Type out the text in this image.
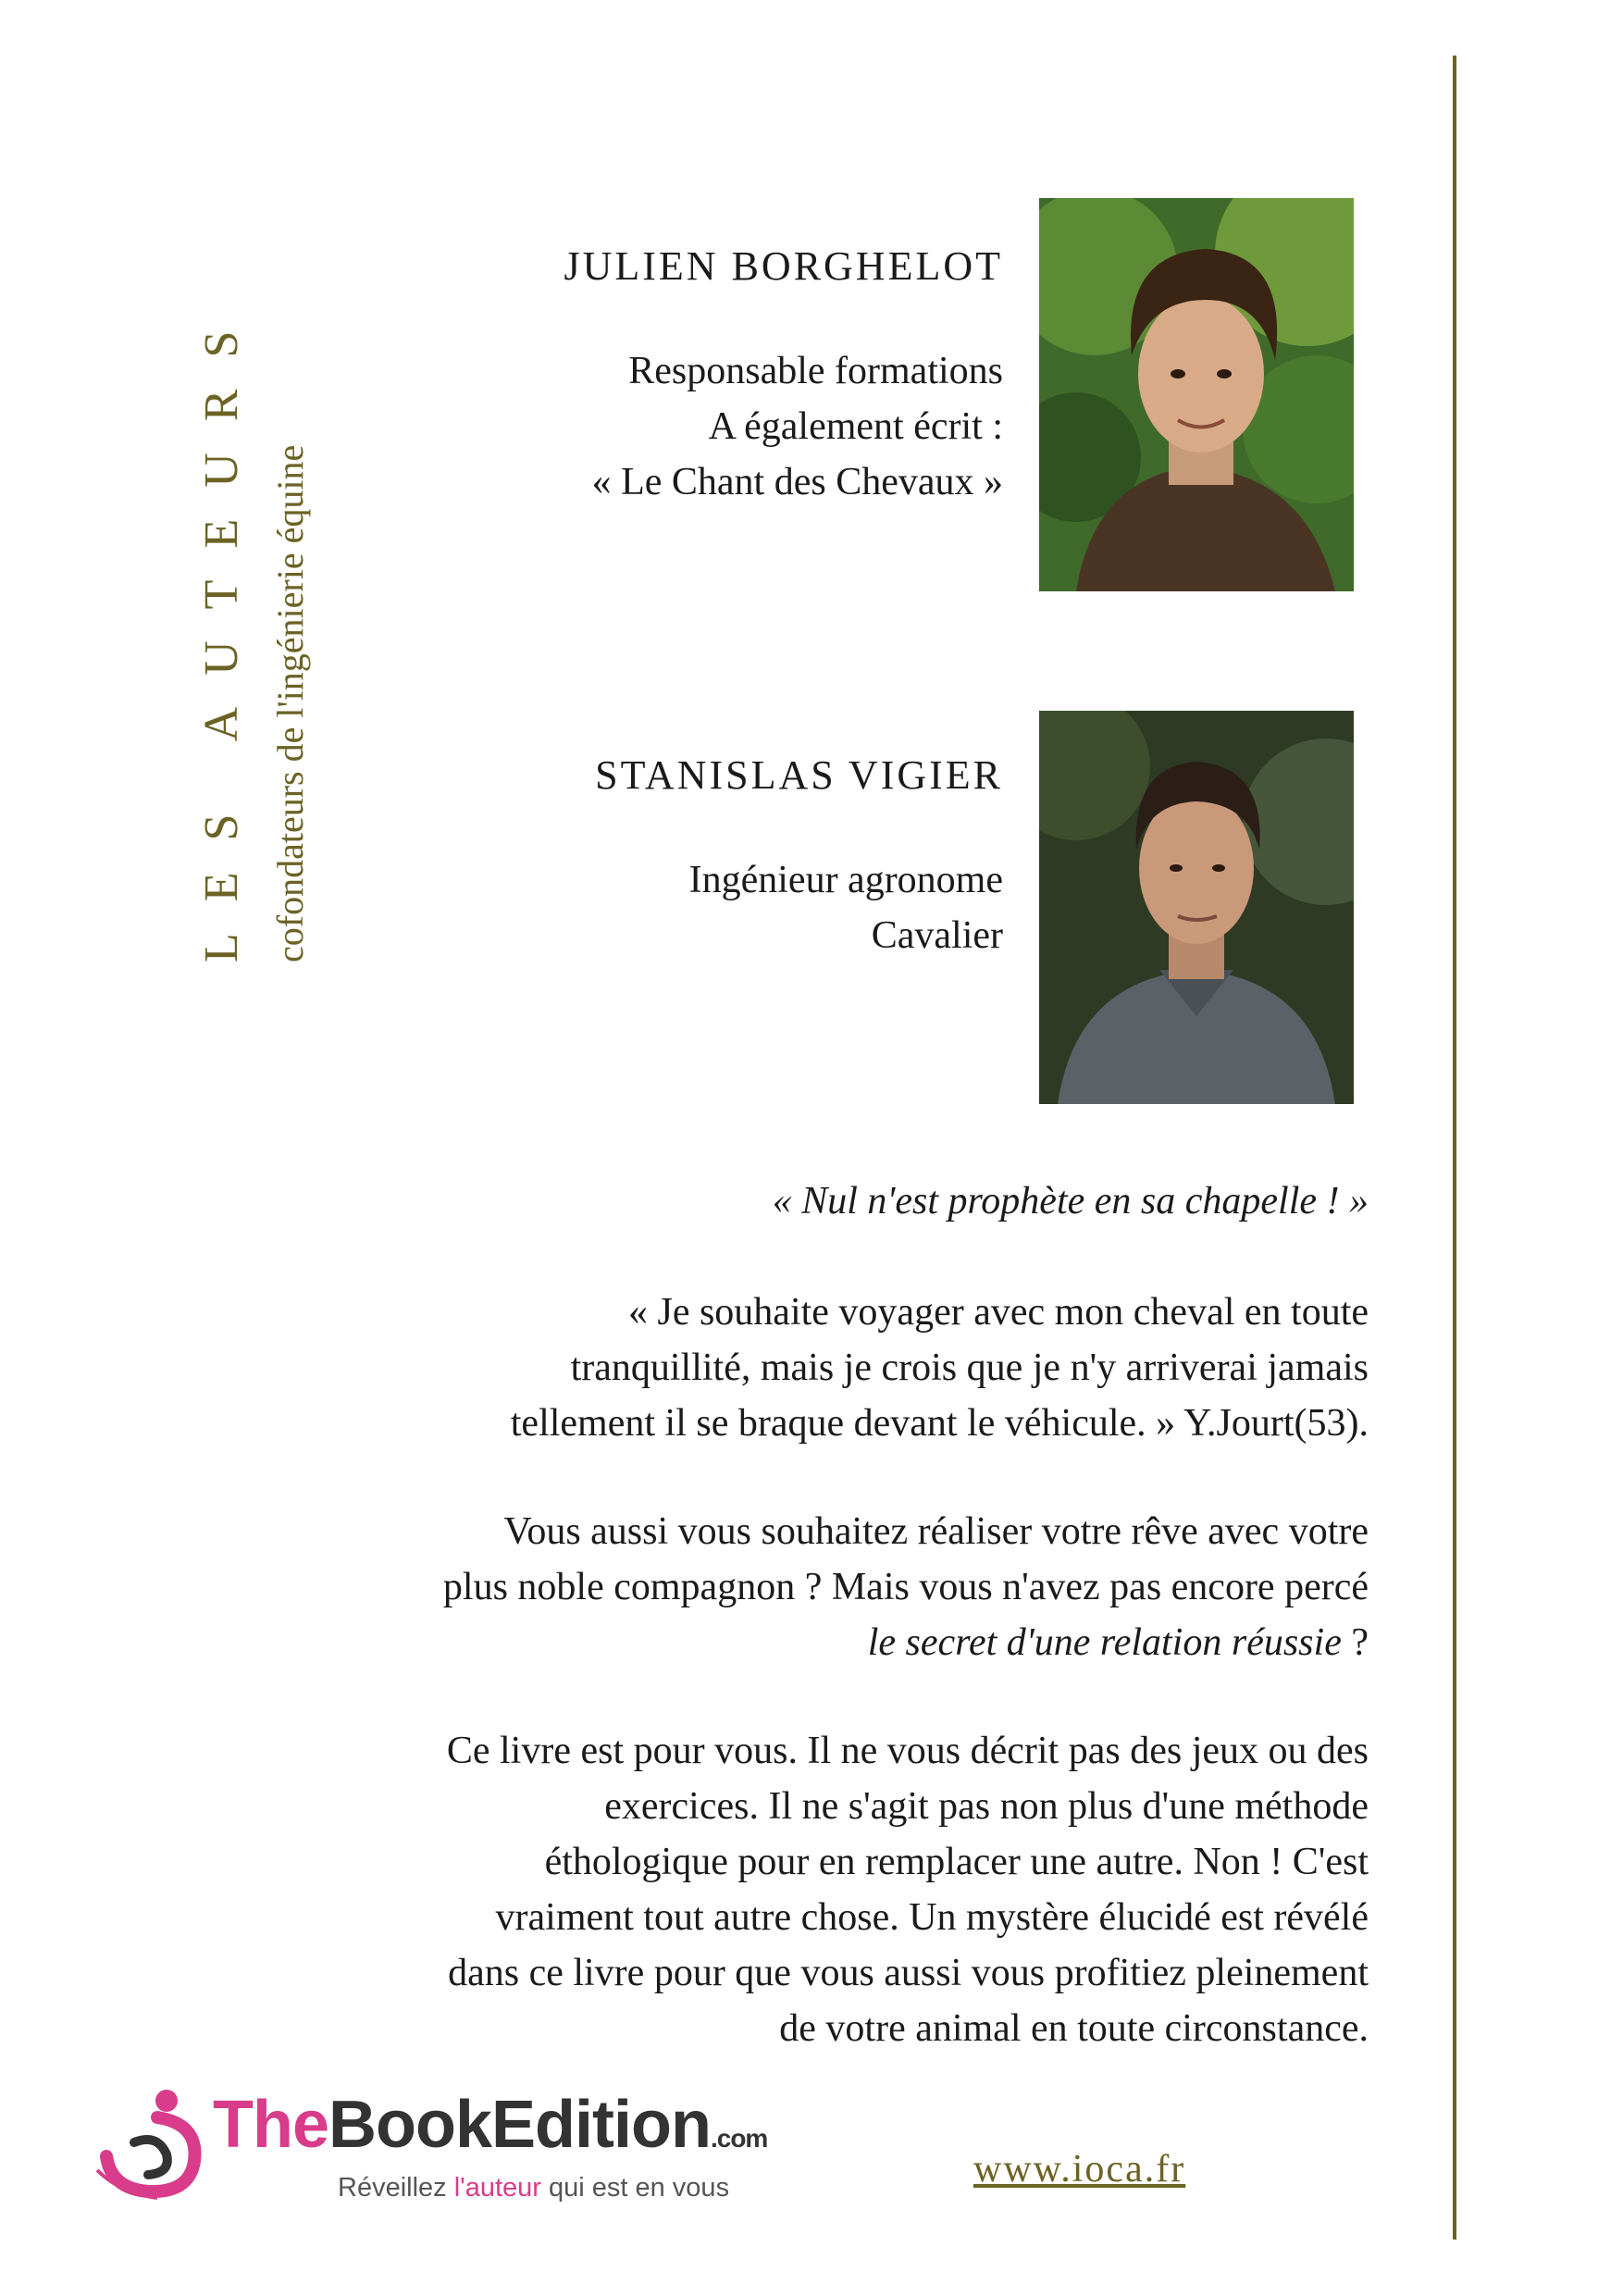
LES AUTEURS cofondateurs de l'ingénierie équine
JULIEN BORGHELOT
Responsable formations
A également écrit :
« Le Chant des Chevaux »
STANISLAS VIGIER
Ingénieur agronome
Cavalier
« Nul n'est prophète en sa chapelle ! »
« Je souhaite voyager avec mon cheval en toute
tranquillité, mais je crois que je n'y arriverai jamais
tellement il se braque devant le véhicule. » Y.Jourt(53).
Vous aussi vous souhaitez réaliser votre rêve avec votre
plus noble compagnon ? Mais vous n'avez pas encore percé
le secret d'une relation réussie ?
Ce livre est pour vous. Il ne vous décrit pas des jeux ou des
exercices. Il ne s'agit pas non plus d'une méthode
éthologique pour en remplacer une autre. Non ! C'est
vraiment tout autre chose. Un mystère élucidé est révélé
dans ce livre pour que vous aussi vous profitiez pleinement
de votre animal en toute circonstance.
TheBookEdition.com
Réveillez l'auteur qui est en vous	www.ioca.fr
